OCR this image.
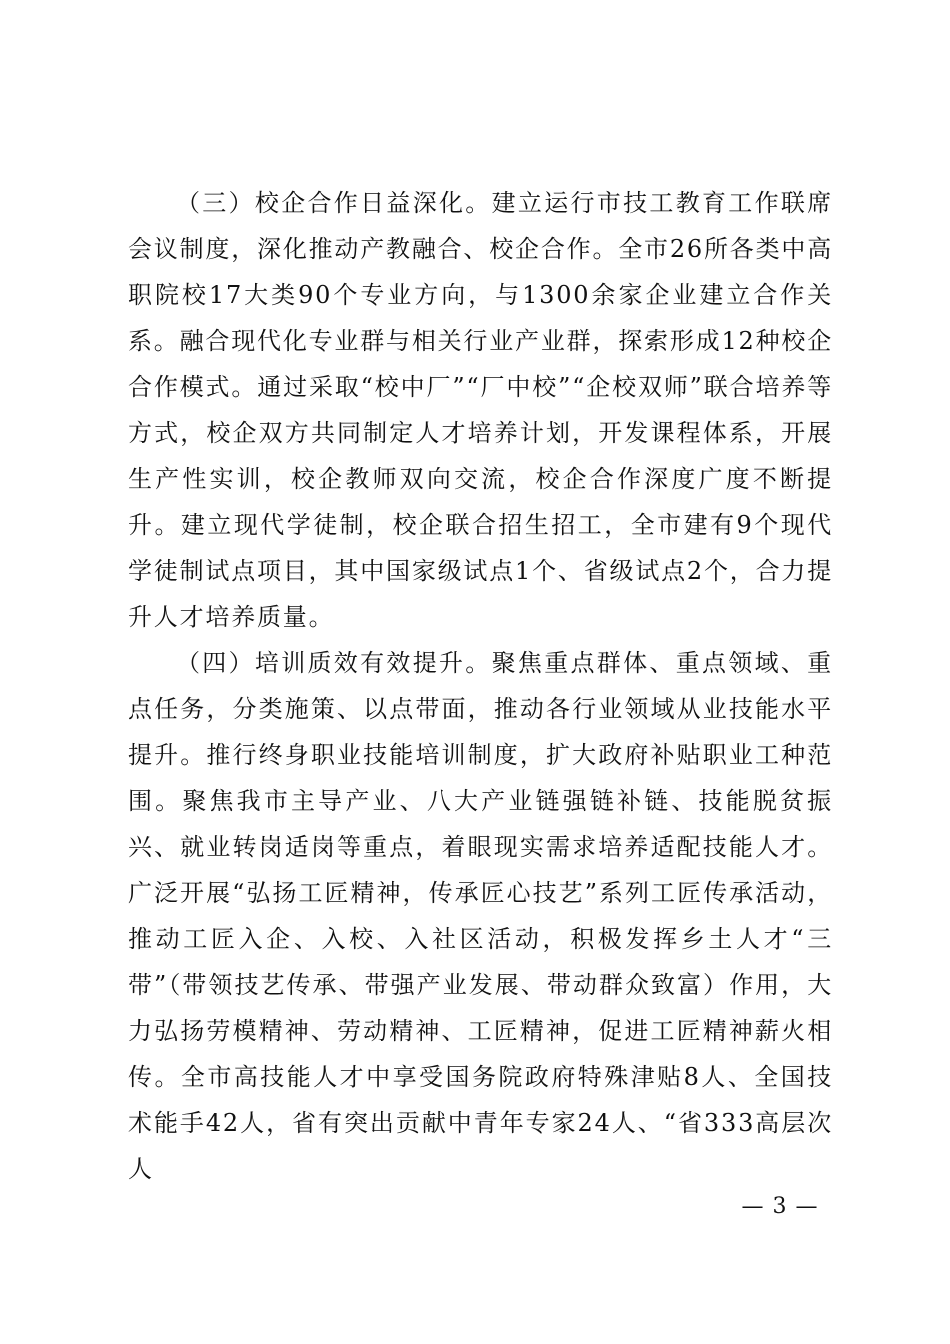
（三）校企合作日益深化。建立运行市技工教育工作联席会议制度，深化推动产教融合、校企合作。全市26所各类中高职院校17大类90个专业方向，与1300余家企业建立合作关系。融合现代化专业群与相关行业产业群，探索形成12种校企合作模式。通过采取“校中厂”“厂中校”“企校双师”联合培养等方式，校企双方共同制定人才培养计划，开发课程体系，开展生产性实训，校企教师双向交流，校企合作深度广度不断提升。建立现代学徒制，校企联合招生招工，全市建有9个现代学徒制试点项目，其中国家级试点1个、省级试点2个，合力提升人才培养质量。

（四）培训质效有效提升。聚焦重点群体、重点领域、重点任务，分类施策、以点带面，推动各行业领域从业技能水平提升。推行终身职业技能培训制度，扩大政府补贴职业工种范围。聚焦我市主导产业、八大产业链强链补链、技能脱贫振兴、就业转岗适岗等重点，着眼现实需求培养适配技能人才。广泛开展“弘扬工匠精神，传承匠心技艺”系列工匠传承活动，推动工匠入企、入校、入社区活动，积极发挥乡土人才“三带”（带领技艺传承、带强产业发展、带动群众致富）作用，大力弘扬劳模精神、劳动精神、工匠精神，促进工匠精神薪火相传。全市高技能人才中享受国务院政府特殊津贴8人、全国技术能手42人，省有突出贡献中青年专家24人、“省333高层次人

— 3 —
